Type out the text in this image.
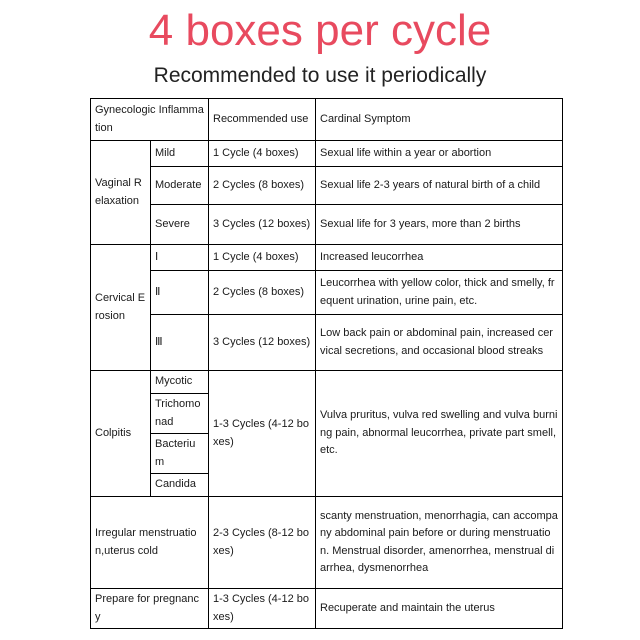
4 boxes per cycle
Recommended to use it periodically
Gynecologic Inflammation		Recommended use	Cardinal Symptom
Vaginal Relaxation	Mild	1 Cycle (4 boxes)	Sexual life within a year or abortion
	Moderate	2 Cycles (8 boxes)	Sexual life 2-3 years of natural birth of a child
	Severe	3 Cycles (12 boxes)	Sexual life for 3 years, more than 2 births
Cervical Erosion	Ⅰ	1 Cycle (4 boxes)	Increased leucorrhea
	Ⅱ	2 Cycles (8 boxes)	Leucorrhea with yellow color, thick and smelly, frequent urination, urine pain, etc.
	Ⅲ	3 Cycles (12 boxes)	Low back pain or abdominal pain, increased cervical secretions, and occasional blood streaks
Colpitis	Mycotic	1-3 Cycles (4-12 boxes)	Vulva pruritus, vulva red swelling and vulva burning pain, abnormal leucorrhea, private part smell, etc.
	Trichomonad		
	Bacterium		
	Candida		
Irregular menstruation,uterus cold		2-3 Cycles (8-12 boxes)	scanty menstruation, menorrhagia, can accompany abdominal pain before or during menstruation. Menstrual disorder, amenorrhea, menstrual diarrhea, dysmenorrhea
Prepare for pregnancy		1-3 Cycles (4-12 boxes)	Recuperate and maintain the uterus
